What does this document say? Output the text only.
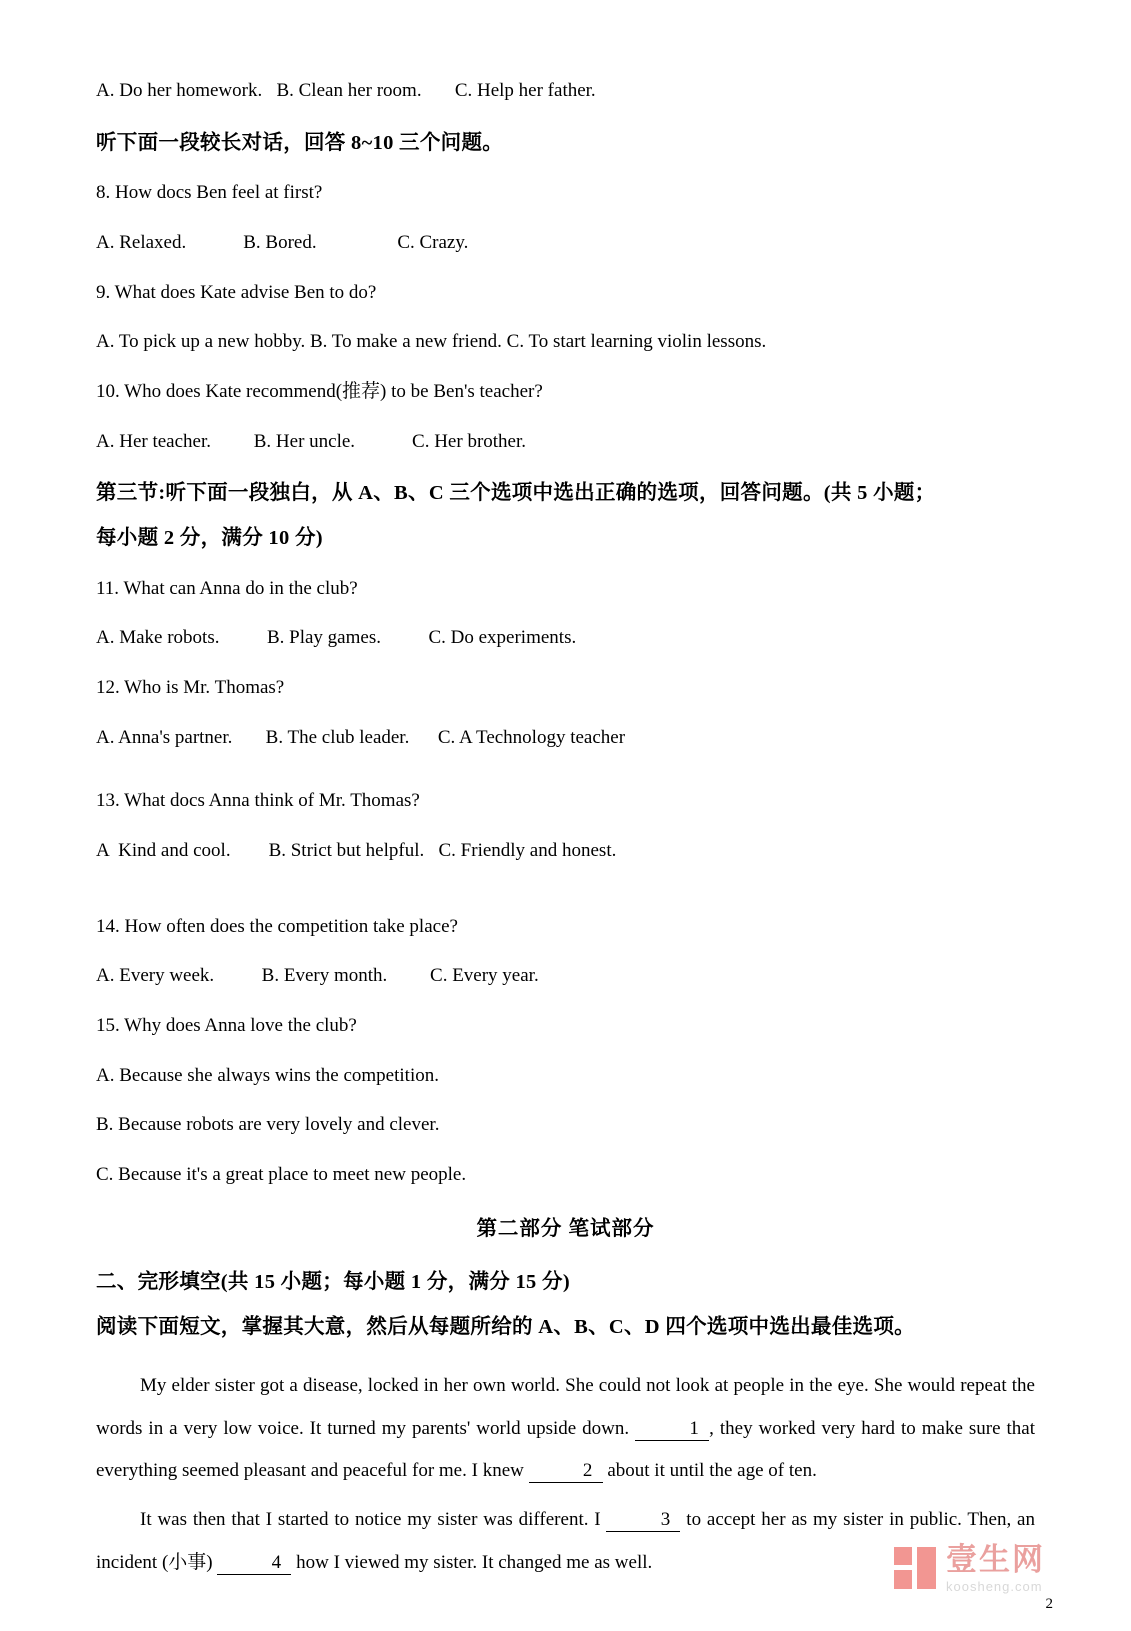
A. Do her homework.   B. Clean her room.       C. Help her father.
听下面一段较长对话，回答 8~10 三个问题。
8. How docs Ben feel at first?
A. Relaxed.            B. Bored.                 C. Crazy.
9. What does Kate advise Ben to do?
A. To pick up a new hobby. B. To make a new friend. C. To start learning violin lessons.
10. Who does Kate recommend(推荐) to be Ben's teacher?
A. Her teacher.         B. Her uncle.            C. Her brother.
第三节:听下面一段独白，从 A、B、C 三个选项中选出正确的选项，回答问题。(共 5 小题；
每小题 2 分，满分 10 分)
11. What can Anna do in the club?
A. Make robots.          B. Play games.          C. Do experiments.
12. Who is Mr. Thomas?
A. Anna's partner.       B. The club leader.      C. A Technology teacher
13. What docs Anna think of Mr. Thomas?
A  Kind and cool.        B. Strict but helpful.   C. Friendly and honest.
14. How often does the competition take place?
A. Every week.          B. Every month.         C. Every year.
15. Why does Anna love the club?
A. Because she always wins the competition.
B. Because robots are very lovely and clever.
C. Because it's a great place to meet new people.
第二部分 笔试部分
二、完形填空(共 15 小题；每小题 1 分，满分 15 分)
阅读下面短文，掌握其大意，然后从每题所给的 A、B、C、D 四个选项中选出最佳选项。

My elder sister got a disease, locked in her own world. She could not look at people in the eye. She would repeat the words in a very low voice. It turned my parents' world upside down.	1 , they worked very hard to make sure that everything seemed pleasant and peaceful for me. I knew	2 about it until the age of ten.

It was then that I started to notice my sister was different. I	3 to accept her as my sister in public. Then, an incident (小事)	4 how I viewed my sister. It changed me as well.	壹生网
koosheng.com
2
